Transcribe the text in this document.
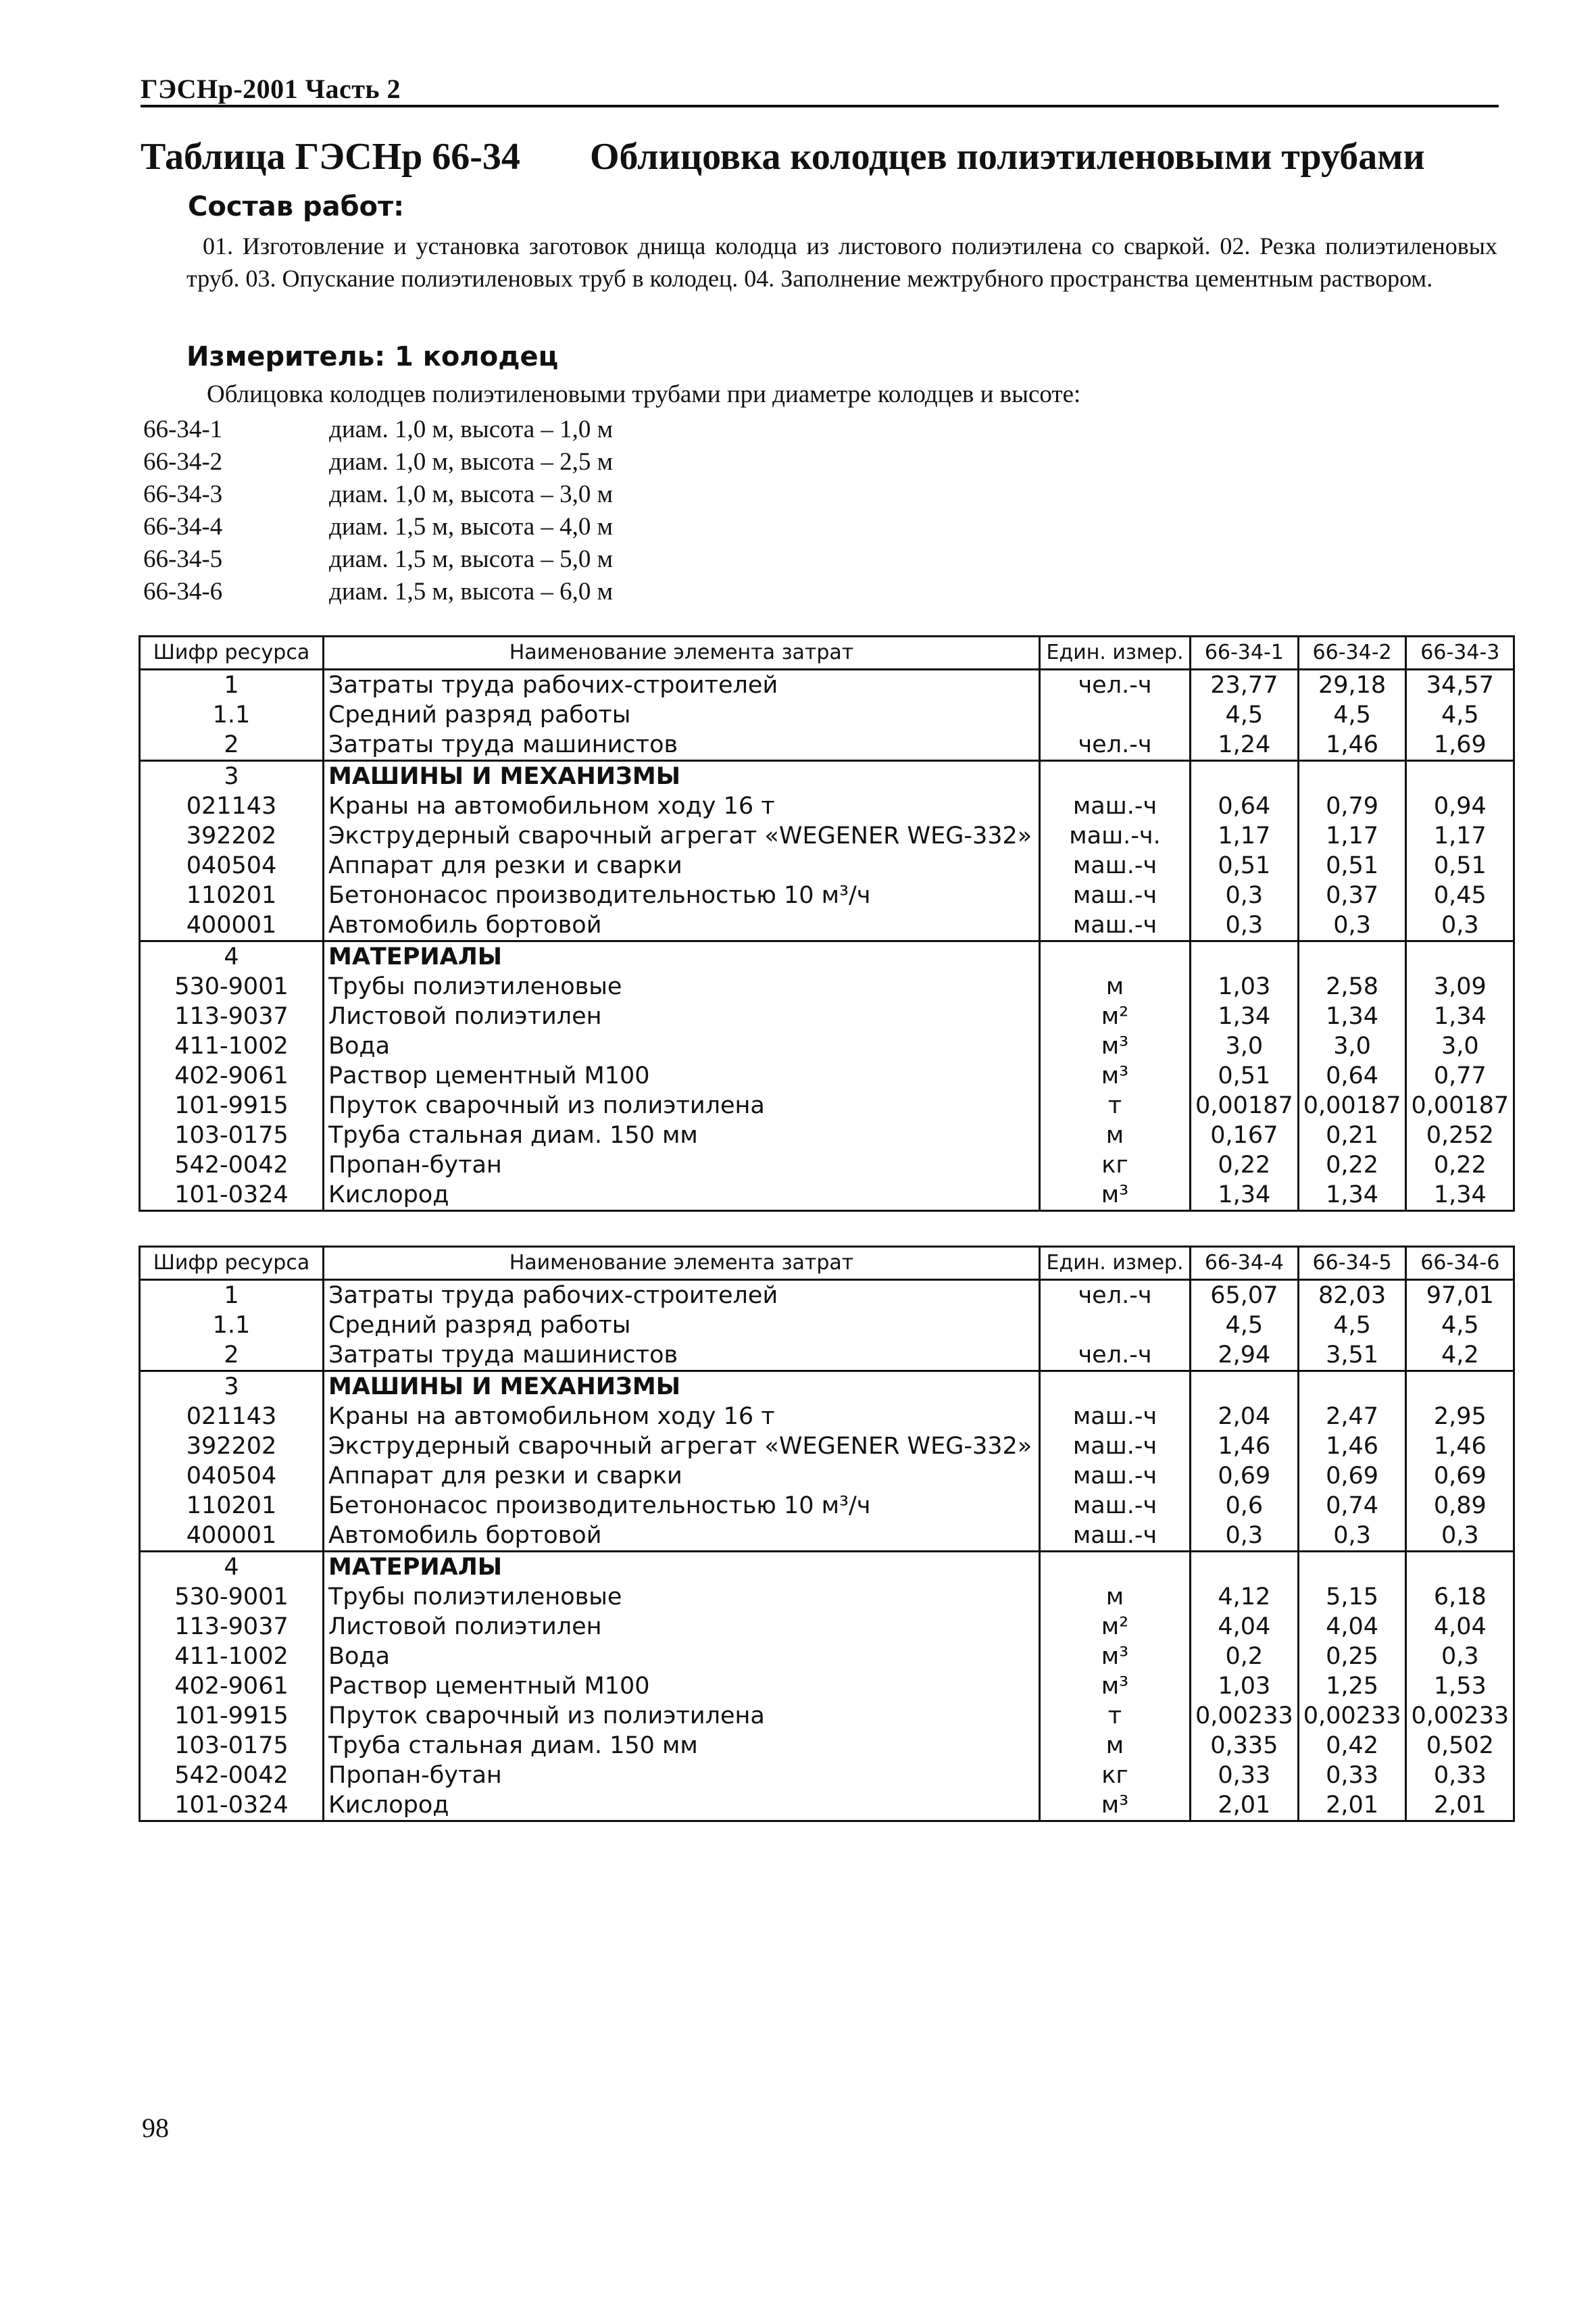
ГЭСНр-2001 Часть 2
Таблица ГЭСНр 66-34 Облицовка колодцев полиэтиленовыми трубами
Состав работ:
01. Изготовление и установка заготовок днища колодца из листового полиэтилена со сваркой. 02. Резка полиэтиленовых труб. 03. Опускание полиэтиленовых труб в колодец. 04. Заполнение межтрубного пространства цементным раствором.
Измеритель: 1 колодец
Облицовка колодцев полиэтиленовыми трубами при диаметре колодцев и высоте:
66-34-1	диам. 1,0 м, высота – 1,0 м
66-34-2	диам. 1,0 м, высота – 2,5 м
66-34-3	диам. 1,0 м, высота – 3,0 м
66-34-4	диам. 1,5 м, высота – 4,0 м
66-34-5	диам. 1,5 м, высота – 5,0 м
66-34-6	диам. 1,5 м, высота – 6,0 м
Шифр ресурса	Наименование элемента затрат	Един. измер.	66-34-1	66-34-2	66-34-3
1	Затраты труда рабочих-строителей	чел.-ч	23,77	29,18	34,57
1.1	Средний разряд работы		4,5	4,5	4,5
2	Затраты труда машинистов	чел.-ч	1,24	1,46	1,69
3	МАШИНЫ И МЕХАНИЗМЫ				
021143	Краны на автомобильном ходу 16 т	маш.-ч	0,64	0,79	0,94
392202	Экструдерный сварочный агрегат «WEGENER WEG-332»	маш.-ч.	1,17	1,17	1,17
040504	Аппарат для резки и сварки	маш.-ч	0,51	0,51	0,51
110201	Бетононасос производительностью 10 м³/ч	маш.-ч	0,3	0,37	0,45
400001	Автомобиль бортовой	маш.-ч	0,3	0,3	0,3
4	МАТЕРИАЛЫ				
530-9001	Трубы полиэтиленовые	м	1,03	2,58	3,09
113-9037	Листовой полиэтилен	м²	1,34	1,34	1,34
411-1002	Вода	м³	3,0	3,0	3,0
402-9061	Раствор цементный М100	м³	0,51	0,64	0,77
101-9915	Пруток сварочный из полиэтилена	т	0,00187	0,00187	0,00187
103-0175	Труба стальная диам. 150 мм	м	0,167	0,21	0,252
542-0042	Пропан-бутан	кг	0,22	0,22	0,22
101-0324	Кислород	м³	1,34	1,34	1,34
Шифр ресурса	Наименование элемента затрат	Един. измер.	66-34-4	66-34-5	66-34-6
1	Затраты труда рабочих-строителей	чел.-ч	65,07	82,03	97,01
1.1	Средний разряд работы		4,5	4,5	4,5
2	Затраты труда машинистов	чел.-ч	2,94	3,51	4,2
3	МАШИНЫ И МЕХАНИЗМЫ				
021143	Краны на автомобильном ходу 16 т	маш.-ч	2,04	2,47	2,95
392202	Экструдерный сварочный агрегат «WEGENER WEG-332»	маш.-ч	1,46	1,46	1,46
040504	Аппарат для резки и сварки	маш.-ч	0,69	0,69	0,69
110201	Бетононасос производительностью 10 м³/ч	маш.-ч	0,6	0,74	0,89
400001	Автомобиль бортовой	маш.-ч	0,3	0,3	0,3
4	МАТЕРИАЛЫ				
530-9001	Трубы полиэтиленовые	м	4,12	5,15	6,18
113-9037	Листовой полиэтилен	м²	4,04	4,04	4,04
411-1002	Вода	м³	0,2	0,25	0,3
402-9061	Раствор цементный М100	м³	1,03	1,25	1,53
101-9915	Пруток сварочный из полиэтилена	т	0,00233	0,00233	0,00233
103-0175	Труба стальная диам. 150 мм	м	0,335	0,42	0,502
542-0042	Пропан-бутан	кг	0,33	0,33	0,33
101-0324	Кислород	м³	2,01	2,01	2,01
98
